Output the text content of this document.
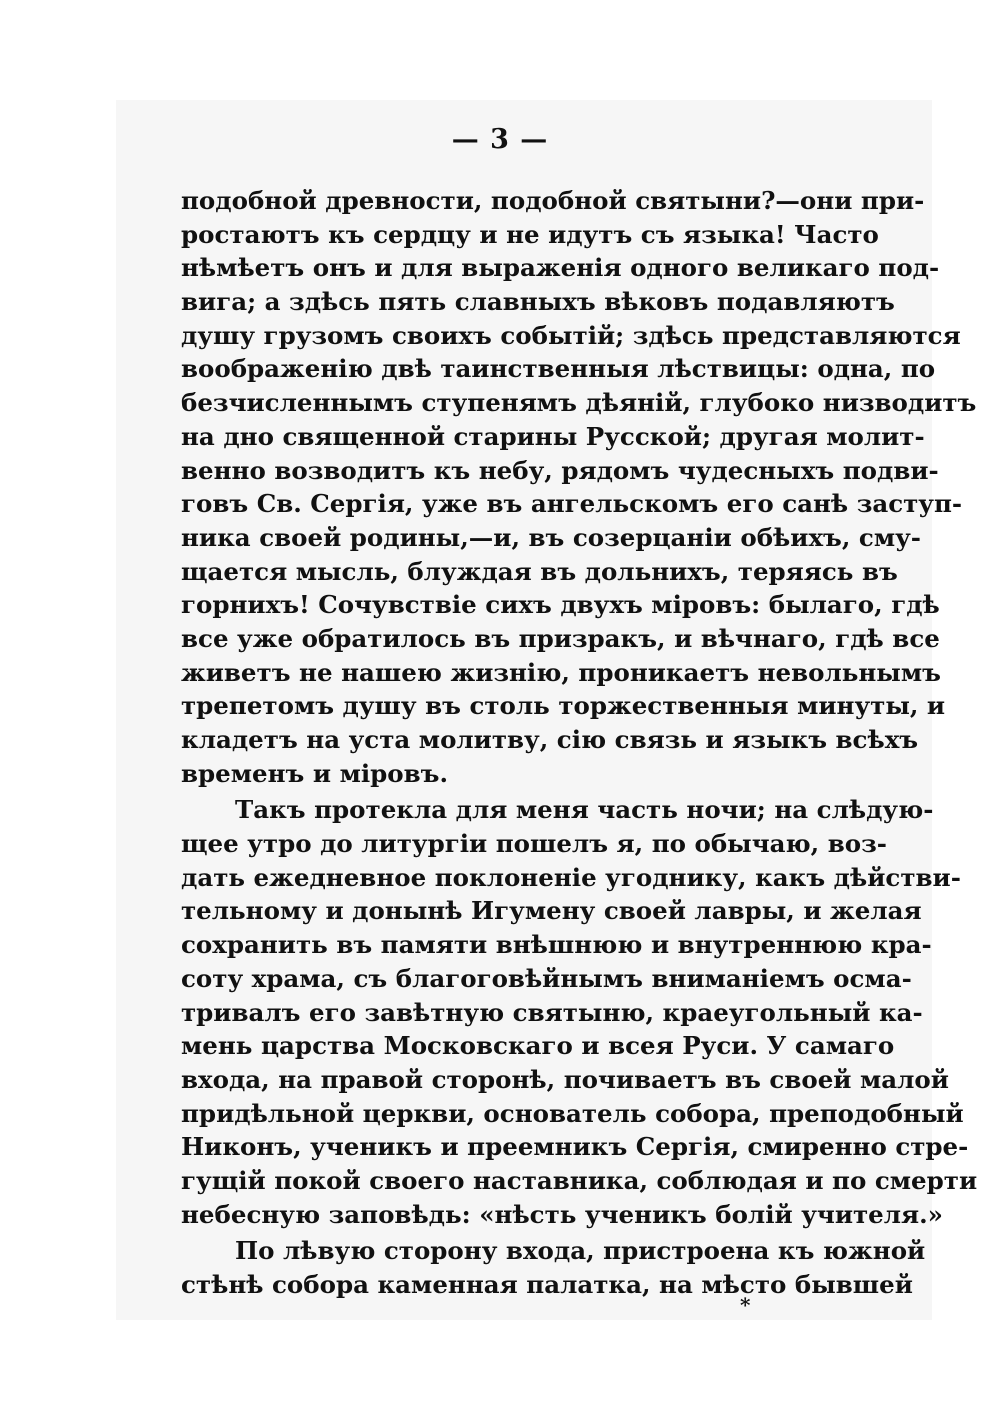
— 3 —
подобной древности, подобной святыни?—они при-
ростаютъ къ сердцу и не идутъ съ языка! Часто
нѣмѣетъ онъ и для выраженія одного великаго под-
вига; а здѣсь пять славныхъ вѣковъ подавляютъ
душу грузомъ своихъ событій; здѣсь представляются
воображенію двѣ таинственныя лѣствицы: одна, по
безчисленнымъ ступенямъ дѣяній, глубоко низводитъ
на дно священной старины Русской; другая молит-
венно возводитъ къ небу, рядомъ чудесныхъ подви-
говъ Св. Сергія, уже въ ангельскомъ его санѣ заступ-
ника своей родины,—и, въ созерцаніи обѣихъ, сму-
щается мысль, блуждая въ дольнихъ, теряясь въ
горнихъ! Сочувствіе сихъ двухъ міровъ: былаго, гдѣ
все уже обратилось въ призракъ, и вѣчнаго, гдѣ все
живетъ не нашею жизнію, проникаетъ невольнымъ
трепетомъ душу въ столь торжественныя минуты, и
кладетъ на уста молитву, сію связь и языкъ всѣхъ
временъ и міровъ.
Такъ протекла для меня часть ночи; на слѣдую-
щее утро до литургіи пошелъ я, по обычаю, воз-
дать ежедневное поклоненіе угоднику, какъ дѣйстви-
тельному и донынѣ Игумену своей лавры, и желая
сохранить въ памяти внѣшнюю и внутреннюю кра-
соту храма, съ благоговѣйнымъ вниманіемъ осма-
тривалъ его завѣтную святыню, краеугольный ка-
мень царства Московскаго и всея Руси. У самаго
входа, на правой сторонѣ, почиваетъ въ своей малой
придѣльной церкви, основатель собора, преподобный
Никонъ, ученикъ и преемникъ Сергія, смиренно стре-
гущій покой своего наставника, соблюдая и по смерти
небесную заповѣдь: «нѣсть ученикъ болій учителя.»
По лѣвую сторону входа, пристроена къ южной
стѣнѣ собора каменная палатка, на мѣсто бывшей
*
